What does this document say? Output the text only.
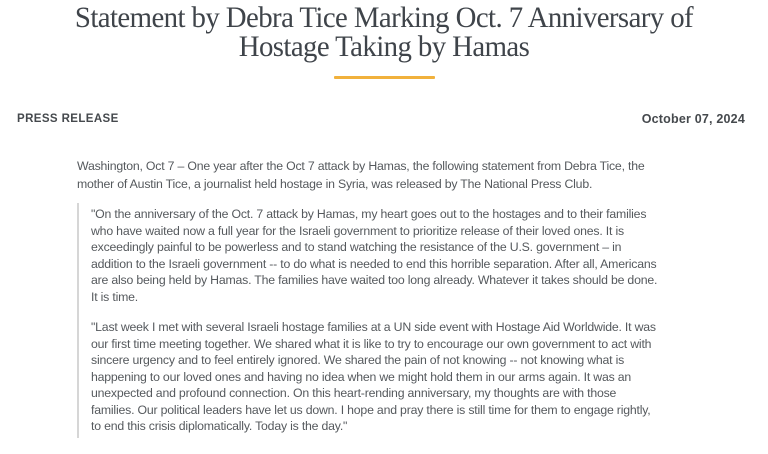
Statement by Debra Tice Marking Oct. 7 Anniversary of
Hostage Taking by Hamas
PRESS RELEASE	October 07, 2024

Washington, Oct 7 – One year after the Oct 7 attack by Hamas, the following statement from Debra Tice, the mother of Austin Tice, a journalist held hostage in Syria, was released by The National Press Club.

"On the anniversary of the Oct. 7 attack by Hamas, my heart goes out to the hostages and to their families who have waited now a full year for the Israeli government to prioritize release of their loved ones. It is exceedingly painful to be powerless and to stand watching the resistance of the U.S. government – in addition to the Israeli government -- to do what is needed to end this horrible separation. After all, Americans are also being held by Hamas. The families have waited too long already. Whatever it takes should be done. It is time.

"Last week I met with several Israeli hostage families at a UN side event with Hostage Aid Worldwide. It was our first time meeting together. We shared what it is like to try to encourage our own government to act with sincere urgency and to feel entirely ignored. We shared the pain of not knowing -- not knowing what is happening to our loved ones and having no idea when we might hold them in our arms again. It was an unexpected and profound connection. On this heart-rending anniversary, my thoughts are with those families. Our political leaders have let us down. I hope and pray there is still time for them to engage rightly, to end this crisis diplomatically. Today is the day."
